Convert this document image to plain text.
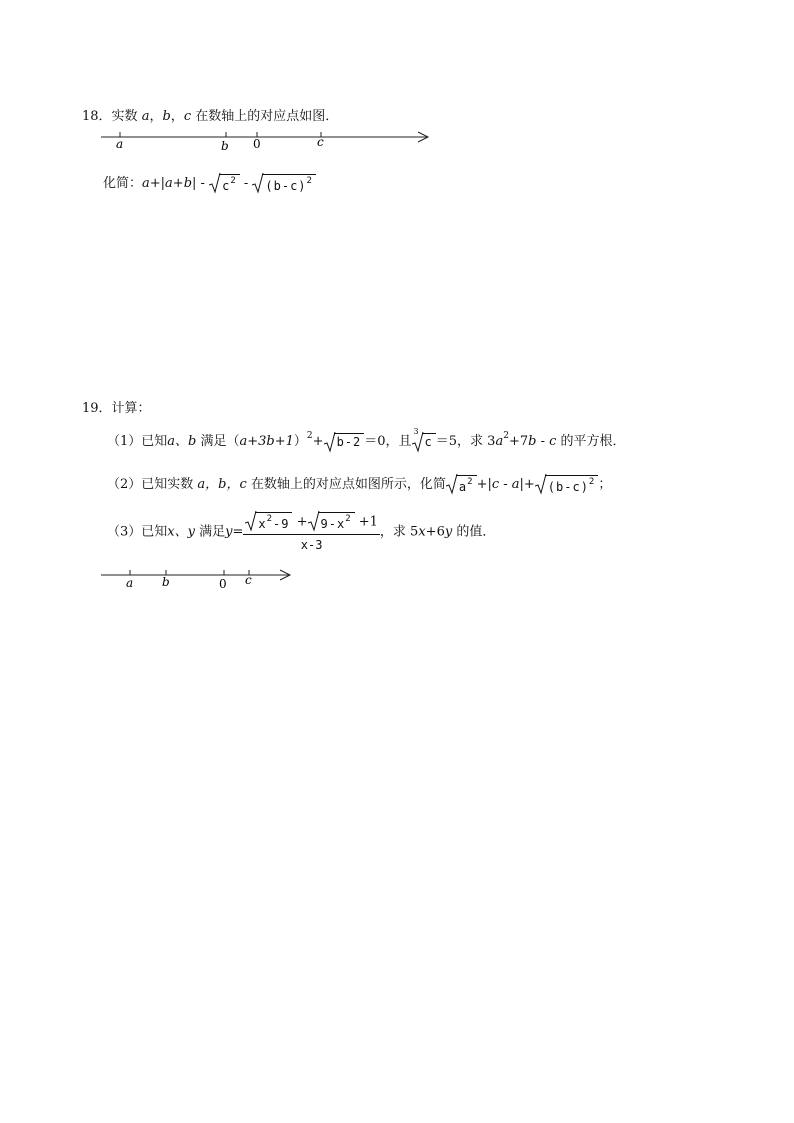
18．实数 a，b，c 在数轴上的对应点如图．
a	b 0	c
化简：a+|a+b| -
$c^2$ -
$(b-c)^2$
19．计算：
（1）已知a、b 满足$(a+3b+1)^2+ b-2 =0$，且
3
c ＝5，求 $3a^2+7b - c$ 的平方根．
（2）已知实数 a，b，c 在数轴上的对应点如图所示，化简 $a^2 +|c - a|+ (b-c)^2$ ；
（3）已知x、y 满足$y= \frac{x^2-9 + 9-x^2 +1}{x-3}$ ，求 5x+6y 的值．
a b	0 c
